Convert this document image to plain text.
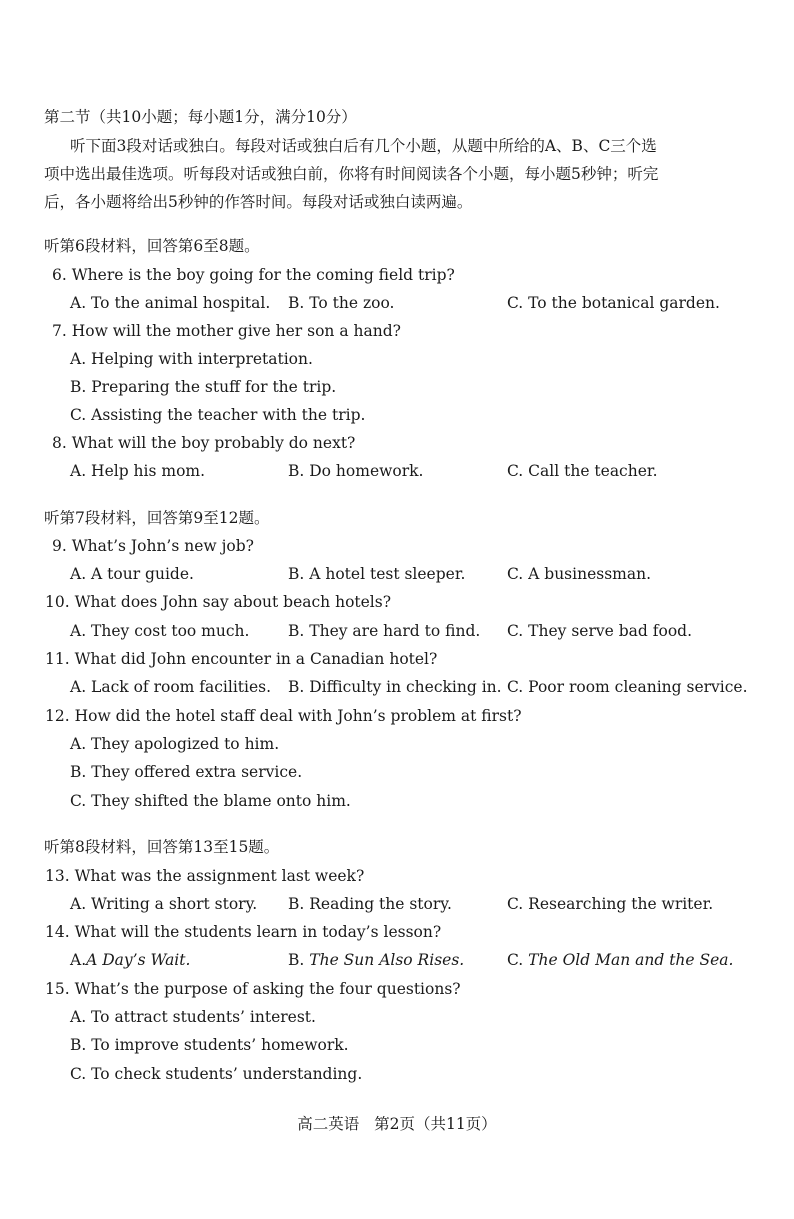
第二节（共10小题；每小题1分，满分10分）
听下面3段对话或独白。每段对话或独白后有几个小题，从题中所给的A、B、C三个选
项中选出最佳选项。听每段对话或独白前，你将有时间阅读各个小题，每小题5秒钟；听完
后，各小题将给出5秒钟的作答时间。每段对话或独白读两遍。
听第6段材料，回答第6至8题。
6. Where is the boy going for the coming field trip?
A. To the animal hospital. B. To the zoo.	C. To the botanical garden.
7. How will the mother give her son a hand?
A. Helping with interpretation.
B. Preparing the stuff for the trip.
C. Assisting the teacher with the trip.
8. What will the boy probably do next?
A. Help his mom.	B. Do homework.	C. Call the teacher.
听第7段材料，回答第9至12题。
9. What’s John’s new job?
A. A tour guide.	B. A hotel test sleeper.	C. A businessman.
10. What does John say about beach hotels?
A. They cost too much. B. They are hard to find. C. They serve bad food.
11. What did John encounter in a Canadian hotel?
A. Lack of room facilities. B. Difficulty in checking in. C. Poor room cleaning service.
12. How did the hotel staff deal with John’s problem at first?
A. They apologized to him.
B. They offered extra service.
C. They shifted the blame onto him.
听第8段材料，回答第13至15题。
13. What was the assignment last week?
A. Writing a short story. B. Reading the story.	C. Researching the writer.
14. What will the students learn in today’s lesson?
A.A Day’s Wait.	B. The Sun Also Rises.	C. The Old Man and the Sea.
15. What’s the purpose of asking the four questions?
A. To attract students’ interest.
B. To improve students’ homework.
C. To check students’ understanding.
高二英语 第2页（共11页）
